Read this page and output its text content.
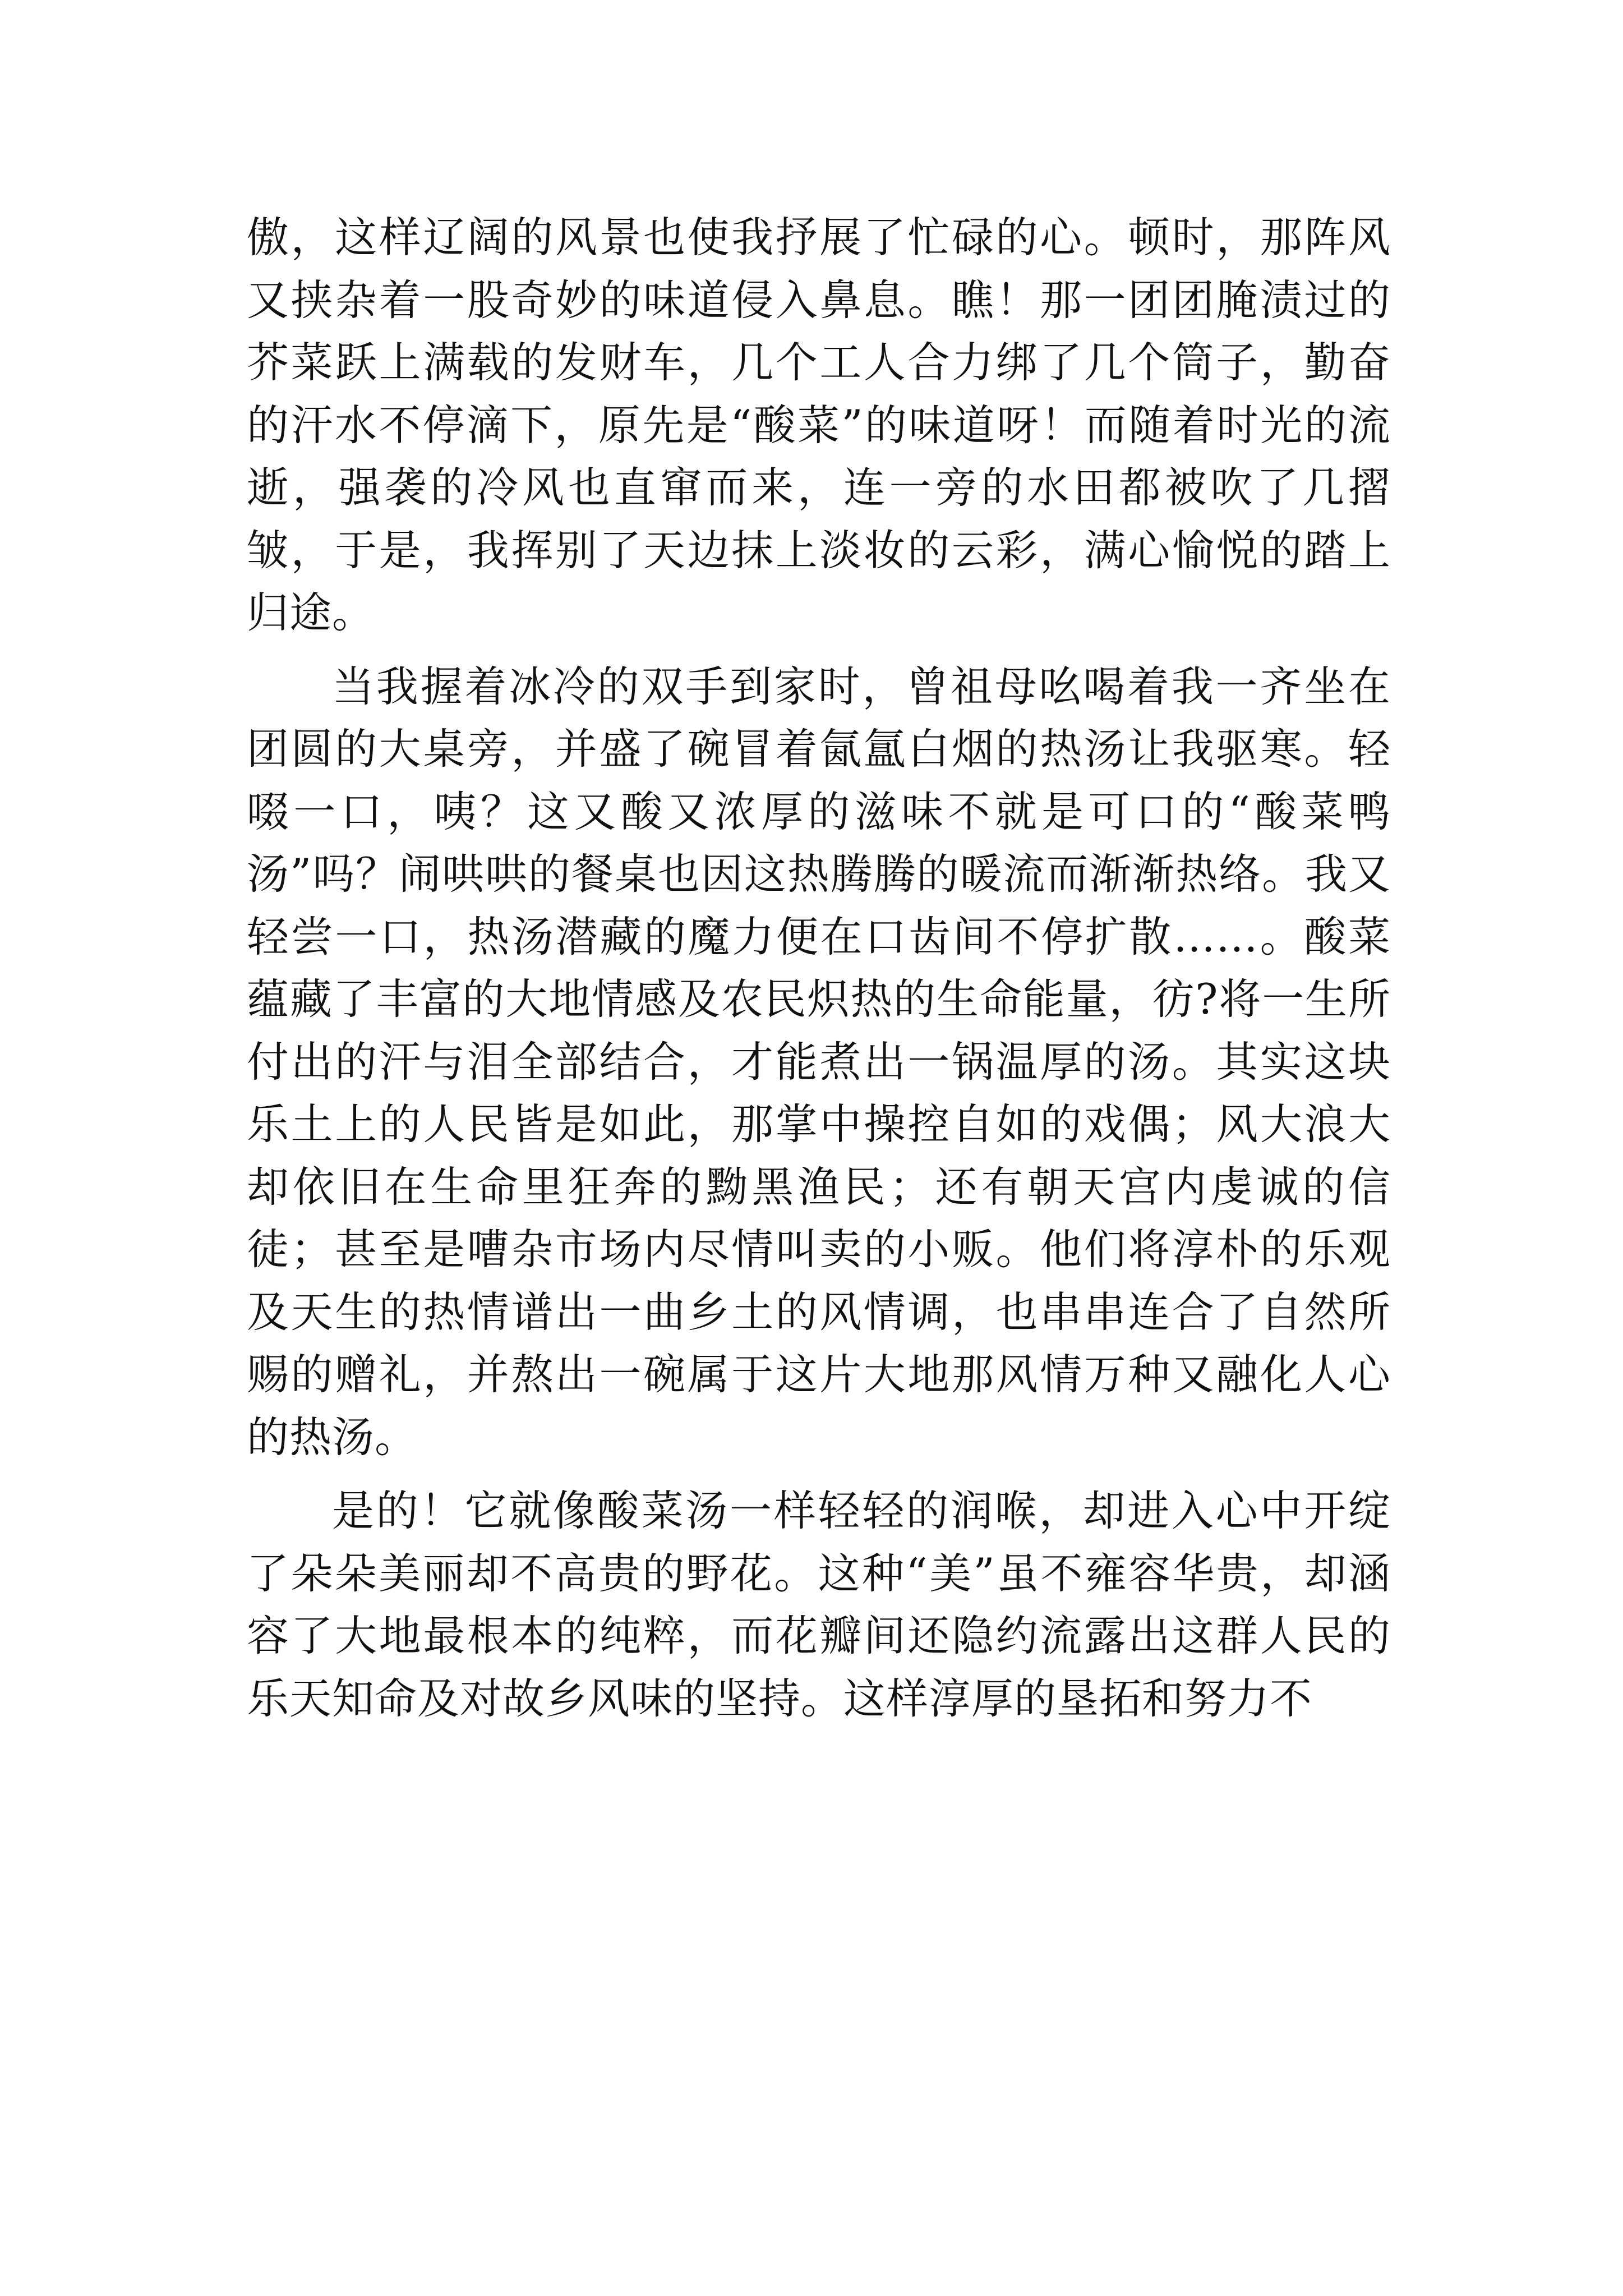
傲，这样辽阔的风景也使我抒展了忙碌的心。顿时，那阵风又挟杂着一股奇妙的味道侵入鼻息。瞧！那一团团腌渍过的芥菜跃上满载的发财车，几个工人合力绑了几个筒子，勤奋的汗水不停滴下，原先是“酸菜”的味道呀！而随着时光的流逝，强袭的冷风也直窜而来，连一旁的水田都被吹了几摺皱，于是，我挥别了天边抹上淡妆的云彩，满心愉悦的踏上归途。

当我握着冰冷的双手到家时，曾祖母吆喝着我一齐坐在团圆的大桌旁，并盛了碗冒着氤氲白烟的热汤让我驱寒。轻啜一口，咦？这又酸又浓厚的滋味不就是可口的“酸菜鸭汤”吗？闹哄哄的餐桌也因这热腾腾的暖流而渐渐热络。我又轻尝一口，热汤潜藏的魔力便在口齿间不停扩散……。酸菜蕴藏了丰富的大地情感及农民炽热的生命能量，彷?将一生所付出的汗与泪全部结合，才能煮出一锅温厚的汤。其实这块乐土上的人民皆是如此，那掌中操控自如的戏偶；风大浪大却依旧在生命里狂奔的黝黑渔民；还有朝天宫内虔诚的信徒；甚至是嘈杂市场内尽情叫卖的小贩。他们将淳朴的乐观及天生的热情谱出一曲乡土的风情调，也串串连合了自然所赐的赠礼，并熬出一碗属于这片大地那风情万种又融化人心的热汤。

是的！它就像酸菜汤一样轻轻的润喉，却进入心中开绽了朵朵美丽却不高贵的野花。这种“美”虽不雍容华贵，却涵容了大地最根本的纯粹，而花瓣间还隐约流露出这群人民的乐天知命及对故乡风味的坚持。这样淳厚的垦拓和努力不
